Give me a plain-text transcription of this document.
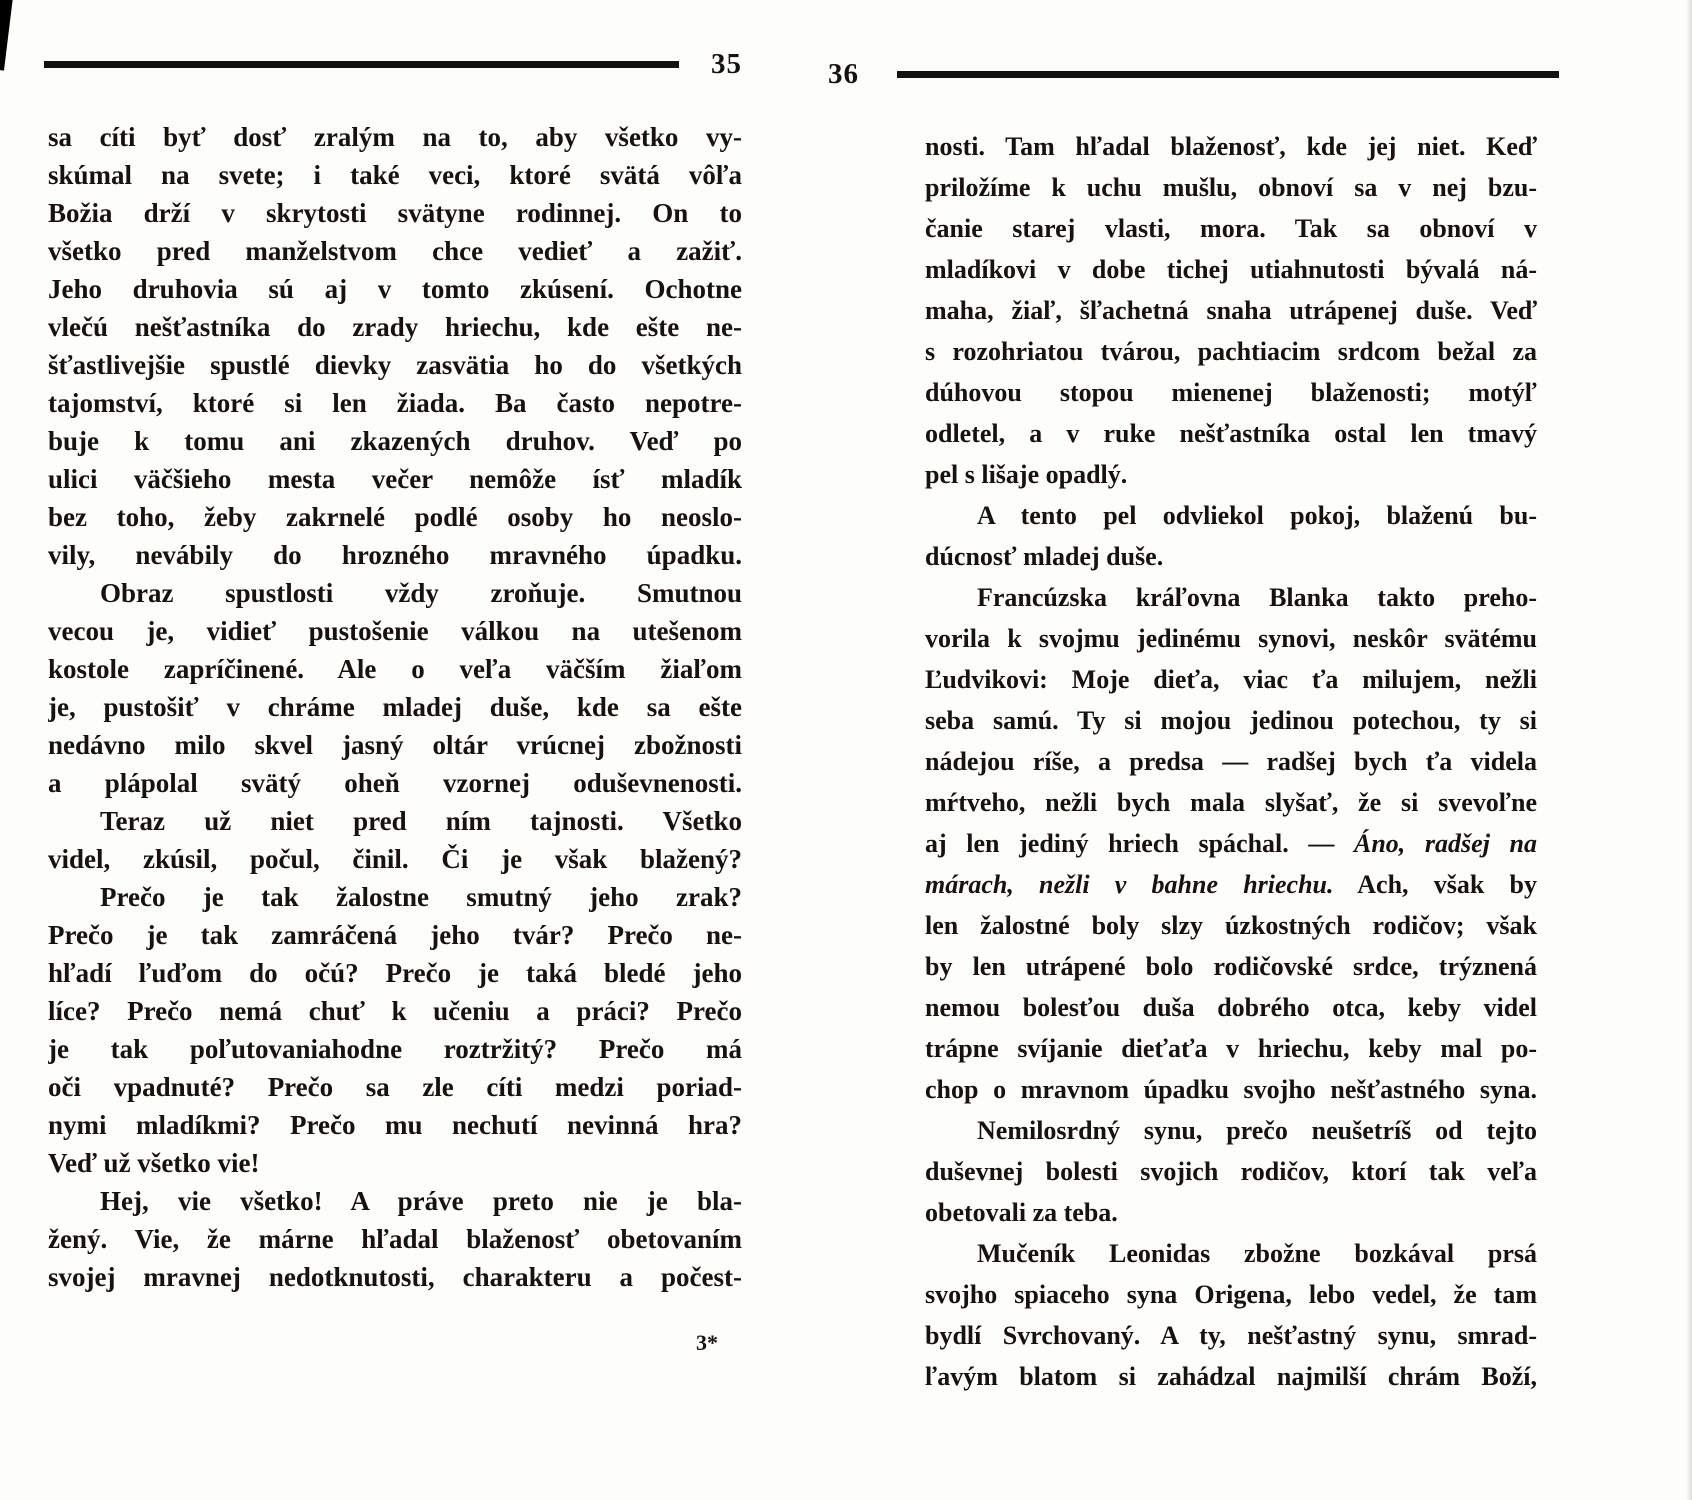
35
sa cíti byť dosť zralým na to, aby všetko vy-
skúmal na svete; i také veci, ktoré svätá vôľa
Božia drží v skrytosti svätyne rodinnej. On to
všetko pred manželstvom chce vedieť a zažiť.
Jeho druhovia sú aj v tomto zkúsení. Ochotne
vlečú nešťastníka do zrady hriechu, kde ešte ne-
šťastlivejšie spustlé dievky zasvätia ho do všetkých
tajomství, ktoré si len žiada. Ba často nepotre-
buje k tomu ani zkazených druhov. Veď po
ulici väčšieho mesta večer nemôže ísť mladík
bez toho, žeby zakrnelé podlé osoby ho neoslo-
vily, nevábily do hrozného mravného úpadku.
Obraz spustlosti vždy zroňuje. Smutnou
vecou je, vidieť pustošenie válkou na utešenom
kostole zapríčinené. Ale o veľa väčším žiaľom
je, pustošiť v chráme mladej duše, kde sa ešte
nedávno milo skvel jasný oltár vrúcnej zbožnosti
a plápolal svätý oheň vzornej oduševnenosti.
Teraz už niet pred ním tajnosti. Všetko
videl, zkúsil, počul, činil. Či je však blažený?
Prečo je tak žalostne smutný jeho zrak?
Prečo je tak zamráčená jeho tvár? Prečo ne-
hľadí ľuďom do očú? Prečo je taká bledé jeho
líce? Prečo nemá chuť k učeniu a práci? Prečo
je tak poľutovaniahodne roztržitý? Prečo má
oči vpadnuté? Prečo sa zle cíti medzi poriad-
nymi mladíkmi? Prečo mu nechutí nevinná hra?
Veď už všetko vie!
Hej, vie všetko! A práve preto nie je bla-
žený. Vie, že márne hľadal blaženosť obetovaním
svojej mravnej nedotknutosti, charakteru a počest-
3*
36
nosti. Tam hľadal blaženosť, kde jej niet. Keď
priložíme k uchu mušlu, obnoví sa v nej bzu-
čanie starej vlasti, mora. Tak sa obnoví v
mladíkovi v dobe tichej utiahnutosti bývalá ná-
maha, žiaľ, šľachetná snaha utrápenej duše. Veď
s rozohriatou tvárou, pachtiacim srdcom bežal za
dúhovou stopou mienenej blaženosti; motýľ
odletel, a v ruke nešťastníka ostal len tmavý
pel s lišaje opadlý.
A tento pel odvliekol pokoj, blaženú bu-
dúcnosť mladej duše.
Francúzska kráľovna Blanka takto preho-
vorila k svojmu jedinému synovi, neskôr svätému
Ľudvikovi: Moje dieťa, viac ťa milujem, nežli
seba samú. Ty si mojou jedinou potechou, ty si
nádejou ríše, a predsa — radšej bych ťa videla
mŕtveho, nežli bych mala slyšať, že si svevoľne
aj len jediný hriech spáchal. — Áno, radšej na
márach, nežli v bahne hriechu. Ach, však by
len žalostné boly slzy úzkostných rodičov; však
by len utrápené bolo rodičovské srdce, trýznená
nemou bolesťou duša dobrého otca, keby videl
trápne svíjanie dieťaťa v hriechu, keby mal po-
chop o mravnom úpadku svojho nešťastného syna.
Nemilosrdný synu, prečo neušetríš od tejto
duševnej bolesti svojich rodičov, ktorí tak veľa
obetovali za teba.
Mučeník Leonidas zbožne bozkával prsá
svojho spiaceho syna Origena, lebo vedel, že tam
bydlí Svrchovaný. A ty, nešťastný synu, smrad-
ľavým blatom si zahádzal najmilší chrám Boží,
